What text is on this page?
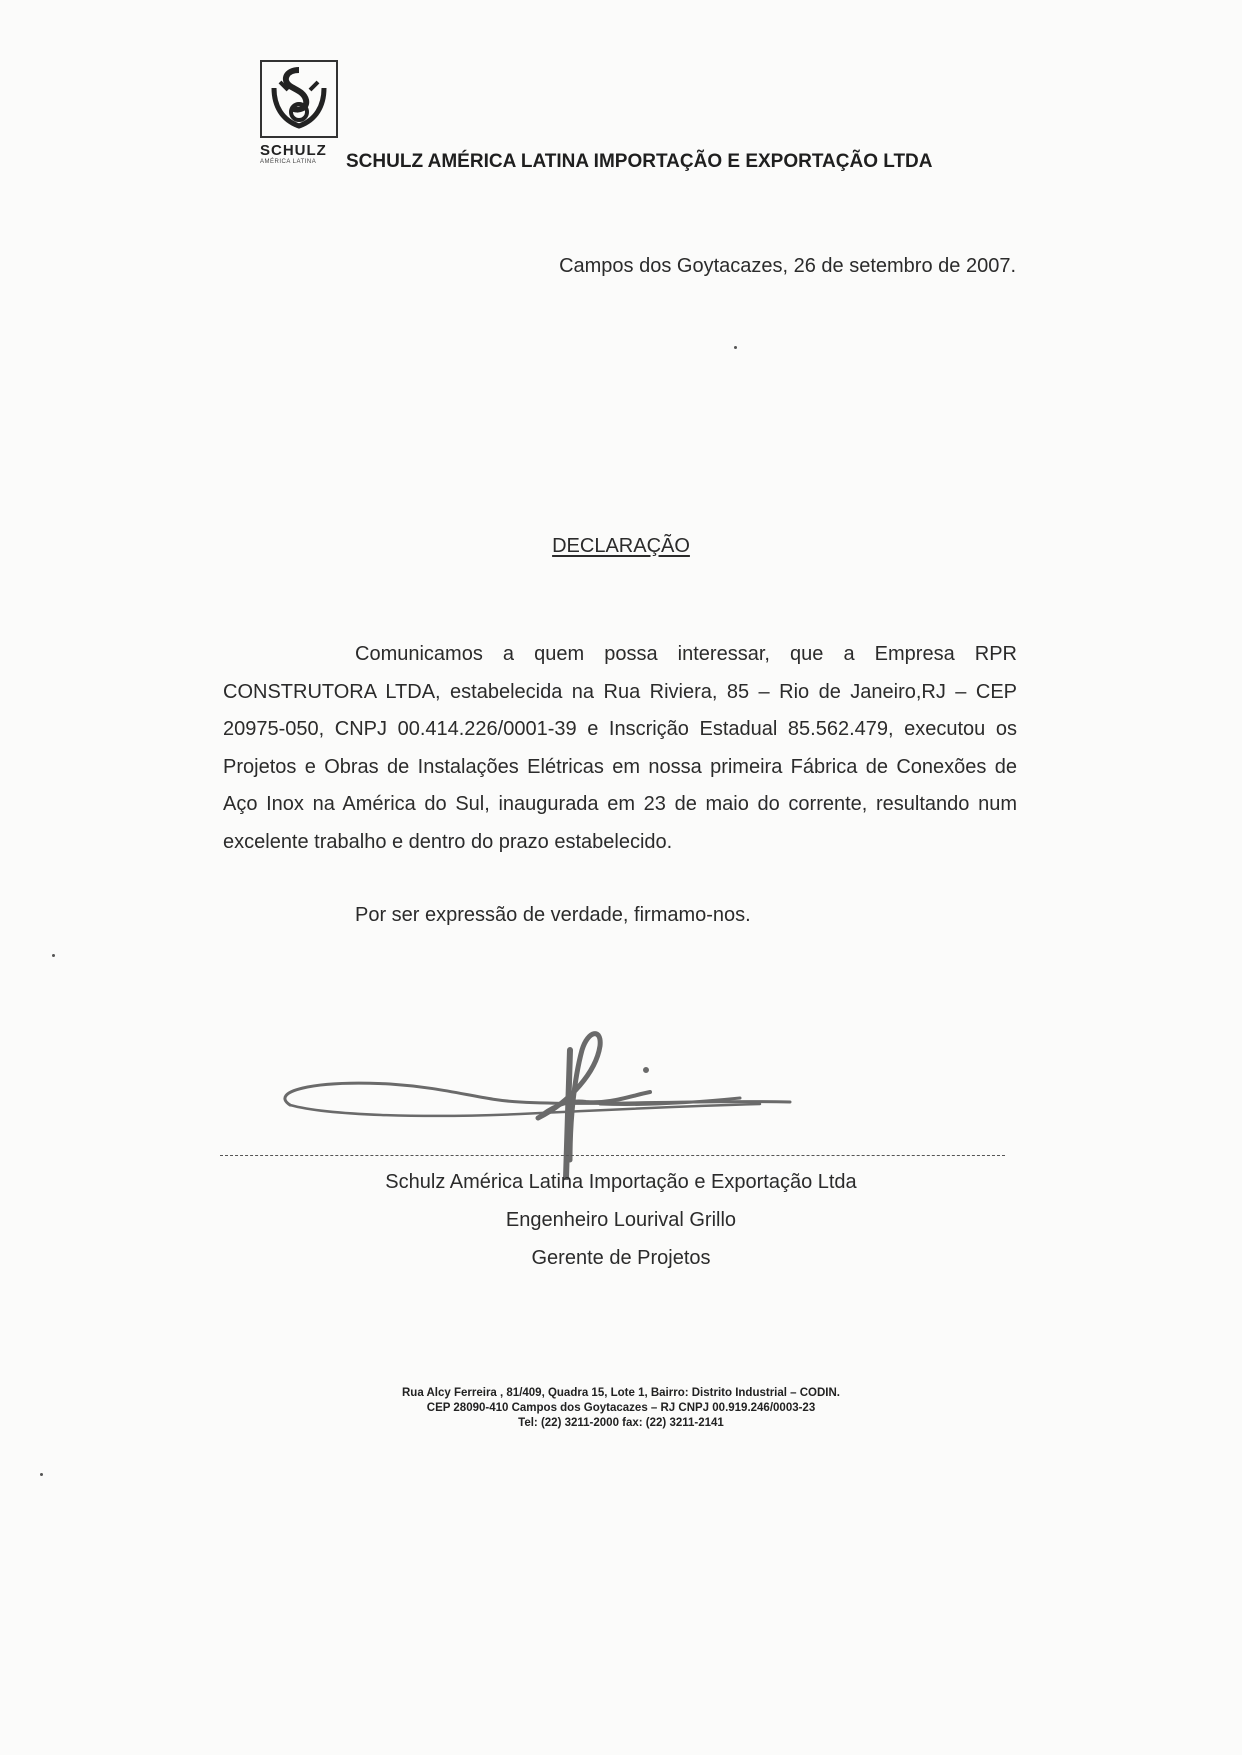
SCHULZ
AMÉRICA LATINA	SCHULZ AMÉRICA LATINA IMPORTAÇÃO E EXPORTAÇÃO LTDA
Campos dos Goytacazes, 26 de setembro de 2007.
DECLARAÇÃO

Comunicamos a quem possa interessar, que a Empresa RPR CONSTRUTORA LTDA, estabelecida na Rua Riviera, 85 – Rio de Janeiro,RJ – CEP 20975-050, CNPJ 00.414.226/0001-39 e Inscrição Estadual 85.562.479, executou os Projetos e Obras de Instalações Elétricas em nossa primeira Fábrica de Conexões de Aço Inox na América do Sul, inaugurada em 23 de maio do corrente, resultando num excelente trabalho e dentro do prazo estabelecido.

Por ser expressão de verdade, firmamo-nos.
Schulz América Latina Importação e Exportação Ltda
Engenheiro Lourival Grillo
Gerente de Projetos
Rua Alcy Ferreira , 81/409, Quadra 15, Lote 1, Bairro: Distrito Industrial – CODIN.
CEP 28090-410 Campos dos Goytacazes – RJ CNPJ 00.919.246/0003-23
Tel: (22) 3211-2000 fax: (22) 3211-2141
